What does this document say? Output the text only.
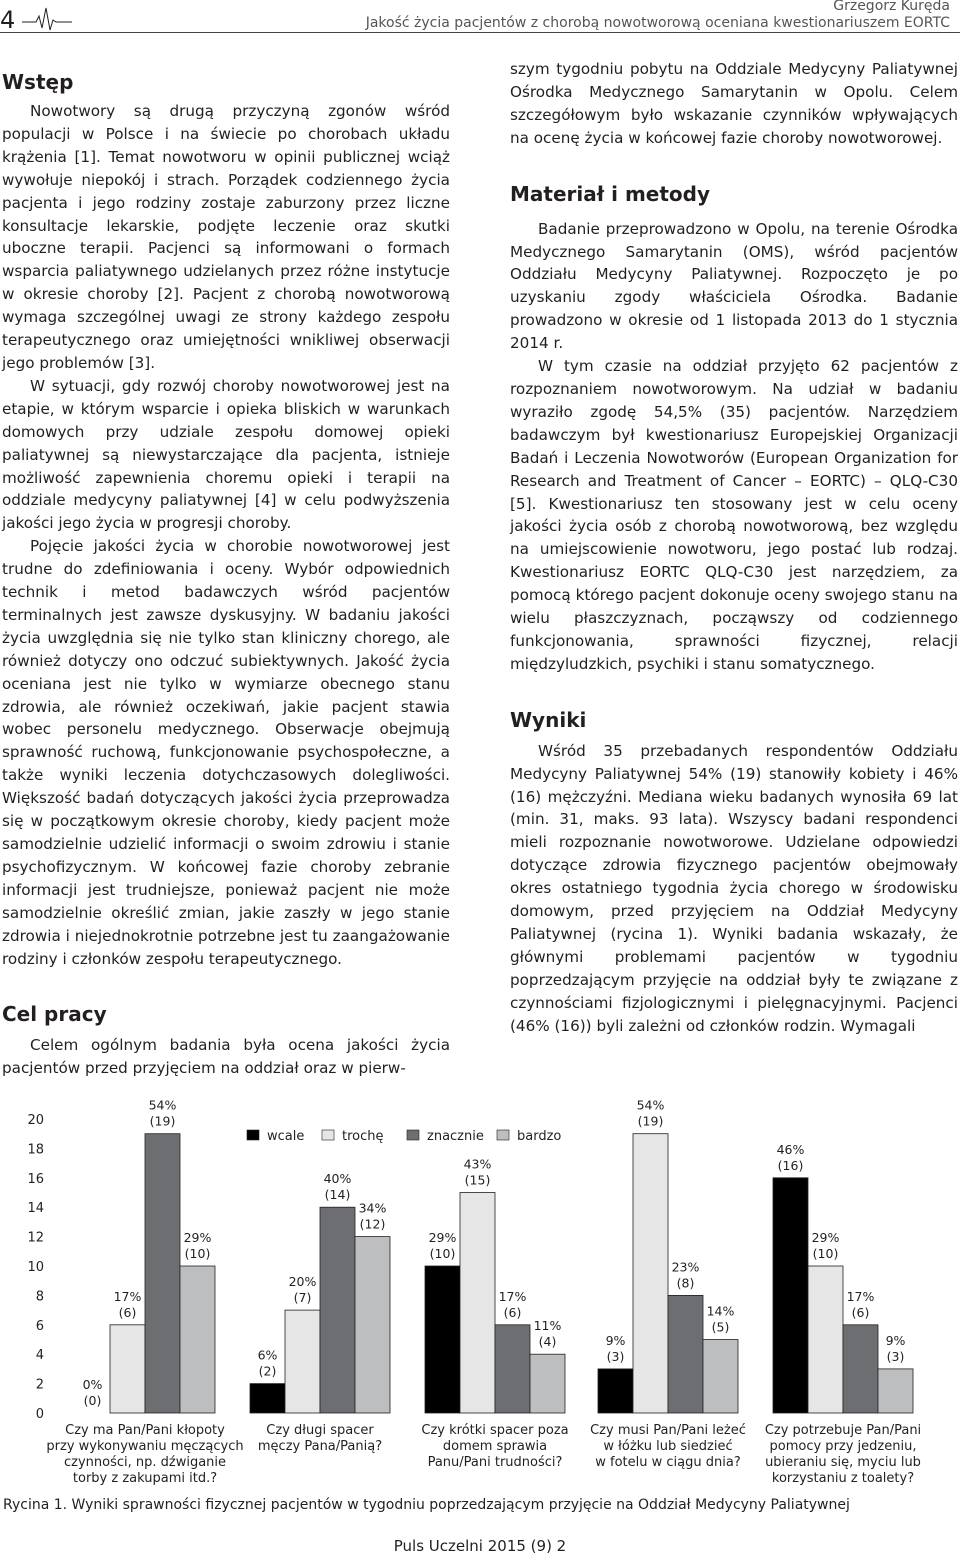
4	Grzegorz Kuręda
Jakość życia pacjentów z chorobą nowotworową oceniana kwestionariuszem EORTC
Wstęp

Nowotwory są drugą przyczyną zgonów wśród populacji w Polsce i na świecie po chorobach układu krążenia [1]. Temat nowotworu w opinii publicznej wciąż wywołuje niepokój i strach. Porządek codziennego życia pacjenta i jego rodziny zostaje zaburzony przez liczne konsultacje lekarskie, podjęte leczenie oraz skutki uboczne terapii. Pacjenci są informowani o formach wsparcia paliatywnego udzielanych przez różne instytucje w okresie choroby [2]. Pacjent z chorobą nowotworową wymaga szczególnej uwagi ze strony każdego zespołu terapeutycznego oraz umiejętności wnikliwej obserwacji jego problemów [3].

W sytuacji, gdy rozwój choroby nowotworowej jest na etapie, w którym wsparcie i opieka bliskich w warunkach domowych przy udziale zespołu domowej opieki paliatywnej są niewystarczające dla pacjenta, istnieje możliwość zapewnienia choremu opieki i terapii na oddziale medycyny paliatywnej [4] w celu podwyższenia jakości jego życia w progresji choroby.

Pojęcie jakości życia w chorobie nowotworowej jest trudne do zdefiniowania i oceny. Wybór odpowiednich technik i metod badawczych wśród pacjentów terminalnych jest zawsze dyskusyjny. W badaniu jakości życia uwzględnia się nie tylko stan kliniczny chorego, ale również dotyczy ono odczuć subiektywnych. Jakość życia oceniana jest nie tylko w wymiarze obecnego stanu zdrowia, ale również oczekiwań, jakie pacjent stawia wobec personelu medycznego. Obserwacje obejmują sprawność ruchową, funkcjonowanie psychospołeczne, a także wyniki leczenia dotychczasowych dolegliwości. Większość badań dotyczących jakości życia przeprowadza się w początkowym okresie choroby, kiedy pacjent może samodzielnie udzielić informacji o swoim zdrowiu i stanie psychofizycznym. W końcowej fazie choroby zebranie informacji jest trudniejsze, ponieważ pacjent nie może samodzielnie określić zmian, jakie zaszły w jego stanie zdrowia i niejednokrotnie potrzebne jest tu zaangażowanie rodziny i członków zespołu terapeutycznego.

Cel pracy

Celem ogólnym badania była ocena jakości życia pacjentów przed przyjęciem na oddział oraz w pierw-

szym tygodniu pobytu na Oddziale Medycyny Paliatywnej Ośrodka Medycznego Samarytanin w Opolu. Celem szczegółowym było wskazanie czynników wpływających na ocenę życia w końcowej fazie choroby nowotworowej.

Materiał i metody

Badanie przeprowadzono w Opolu, na terenie Ośrodka Medycznego Samarytanin (OMS), wśród pacjentów Oddziału Medycyny Paliatywnej. Rozpoczęto je po uzyskaniu zgody właściciela Ośrodka. Badanie prowadzono w okresie od 1 listopada 2013 do 1 stycznia 2014 r.

W tym czasie na oddział przyjęto 62 pacjentów z rozpoznaniem nowotworowym. Na udział w badaniu wyraziło zgodę 54,5% (35) pacjentów. Narzędziem badawczym był kwestionariusz Europejskiej Organizacji Badań i Leczenia Nowotworów (European Organization for Research and Treatment of Cancer – EORTC) – QLQ-C30 [5]. Kwestionariusz ten stosowany jest w celu oceny jakości życia osób z chorobą nowotworową, bez względu na umiejscowienie nowotworu, jego postać lub rodzaj. Kwestionariusz EORTC QLQ-C30 jest narzędziem, za pomocą którego pacjent dokonuje oceny swojego stanu na wielu płaszczyznach, począwszy od codziennego funkcjonowania, sprawności fizycznej, relacji międzyludzkich, psychiki i stanu somatycznego.

Wyniki

Wśród 35 przebadanych respondentów Oddziału Medycyny Paliatywnej 54% (19) stanowiły kobiety i 46% (16) mężczyźni. Mediana wieku badanych wynosiła 69 lat (min. 31, maks. 93 lata). Wszyscy badani respondenci mieli rozpoznanie nowotworowe. Udzielane odpowiedzi dotyczące zdrowia fizycznego pacjentów obejmowały okres ostatniego tygodnia życia chorego w środowisku domowym, przed przyjęciem na Oddział Medycyny Paliatywnej (rycina 1). Wyniki badania wskazały, że głównymi problemami pacjentów w tygodniu poprzedzającym przyjęcie na oddział były te związane z czynnościami fizjologicznymi i pielęgnacyjnymi. Pacjenci (46% (16)) byli zależni od członków rodzin. Wymagali

0
2
4
6
8
10
12
14
16
18
20
0%
(0)
17%
(6)
54%
(19)
29%
(10)
6%
(2)
20%
(7)
40%
(14)
34%
(12)
29%
(10)
43%
(15)
17%
(6)
11%
(4)	9%
(3)
54%
(19)
23%
(8)
14%
(5)
46%
(16)
29%
(10)
17%
(6)
9%
(3)
wcale	trochę	znacznie	bardzo
Czy ma Pan/Pani kłopoty przy wykonywaniu męczących czynności, np. dźwiganie torby z zakupami itd.?
Czy długi spacer męczy Pana/Panią?
Czy krótki spacer poza domem sprawia Panu/Pani trudności?
Czy musi Pan/Pani leżeć w łóżku lub siedzieć w fotelu w ciągu dnia?
Czy potrzebuje Pan/Pani pomocy przy jedzeniu, ubieraniu się, myciu lub korzystaniu z toalety?
Rycina 1. Wyniki sprawności fizycznej pacjentów w tygodniu poprzedzającym przyjęcie na Oddział Medycyny Paliatywnej
Puls Uczelni 2015 (9) 2
